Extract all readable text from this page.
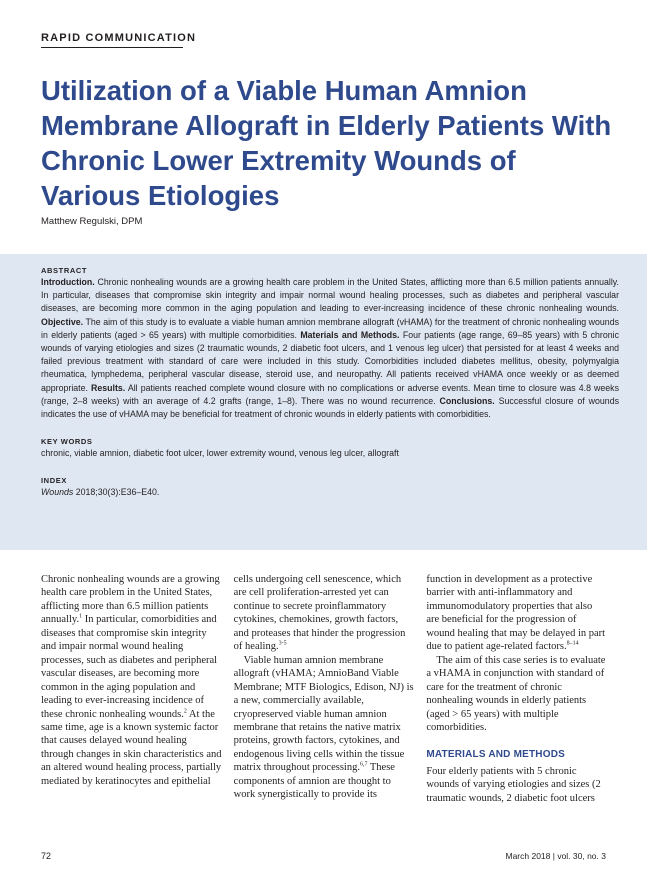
RAPID COMMUNICATION
Utilization of a Viable Human Amnion Membrane Allograft in Elderly Patients With Chronic Lower Extremity Wounds of Various Etiologies
Matthew Regulski, DPM
ABSTRACT

Introduction. Chronic nonhealing wounds are a growing health care problem in the United States, afflicting more than 6.5 million patients annually. In particular, diseases that compromise skin integrity and impair normal wound healing processes, such as diabetes and peripheral vascular diseases, are becoming more common in the aging population and leading to ever-increasing incidence of these chronic nonhealing wounds. Objective. The aim of this study is to evaluate a viable human amnion membrane allograft (vHAMA) for the treatment of chronic nonhealing wounds in elderly patients (aged > 65 years) with multiple comorbidities. Materials and Methods. Four patients (age range, 69–85 years) with 5 chronic wounds of varying etiologies and sizes (2 traumatic wounds, 2 diabetic foot ulcers, and 1 venous leg ulcer) that persisted for at least 4 weeks and failed previous treatment with standard of care were included in this study. Comorbidities included diabetes mellitus, obesity, polymyalgia rheumatica, lymphedema, peripheral vascular disease, steroid use, and neuropathy. All patients received vHAMA once weekly or as deemed appropriate. Results. All patients reached complete wound closure with no complications or adverse events. Mean time to closure was 4.8 weeks (range, 2–8 weeks) with an average of 4.2 grafts (range, 1–8). There was no wound recurrence. Conclusions. Successful closure of wounds indicates the use of vHAMA may be beneficial for treatment of chronic wounds in elderly patients with comorbidities.

KEY WORDS

chronic, viable amnion, diabetic foot ulcer, lower extremity wound, venous leg ulcer, allograft

INDEX

Wounds 2018;30(3):E36–E40.

Chronic nonhealing wounds are a growing health care problem in the United States, afflicting more than 6.5 million patients annually.$^1$ In particular, comorbidities and diseases that compromise skin integrity and impair normal wound healing processes, such as diabetes and peripheral vascular diseases, are becoming more common in the aging population and leading to ever-increasing incidence of these chronic nonhealing wounds.$^2$ At the same time, age is a known systemic factor that causes delayed wound healing through changes in skin characteristics and an altered wound healing process, partially mediated by keratinocytes and epithelial

cells undergoing cell senescence, which are cell proliferation-arrested yet can continue to secrete proinflammatory cytokines, chemokines, growth factors, and proteases that hinder the progression of healing.$^{3-5}$

Viable human amnion membrane allograft (vHAMA; AmnioBand Viable Membrane; MTF Biologics, Edison, NJ) is a new, commercially available, cryopreserved viable human amnion membrane that retains the native matrix proteins, growth factors, cytokines, and endogenous living cells within the tissue matrix throughout processing.$^{6,7}$ These components of amnion are thought to work synergistically to provide its

function in development as a protective barrier with anti-inflammatory and immunomodulatory properties that also are beneficial for the progression of wound healing that may be delayed in part due to patient age-related factors.$^{8-14}$

The aim of this case series is to evaluate a vHAMA in conjunction with standard of care for the treatment of chronic nonhealing wounds in elderly patients (aged > 65 years) with multiple comorbidities.

MATERIALS AND METHODS

Four elderly patients with 5 chronic wounds of varying etiologies and sizes (2 traumatic wounds, 2 diabetic foot ulcers

72	March 2018 | vol. 30, no. 3
